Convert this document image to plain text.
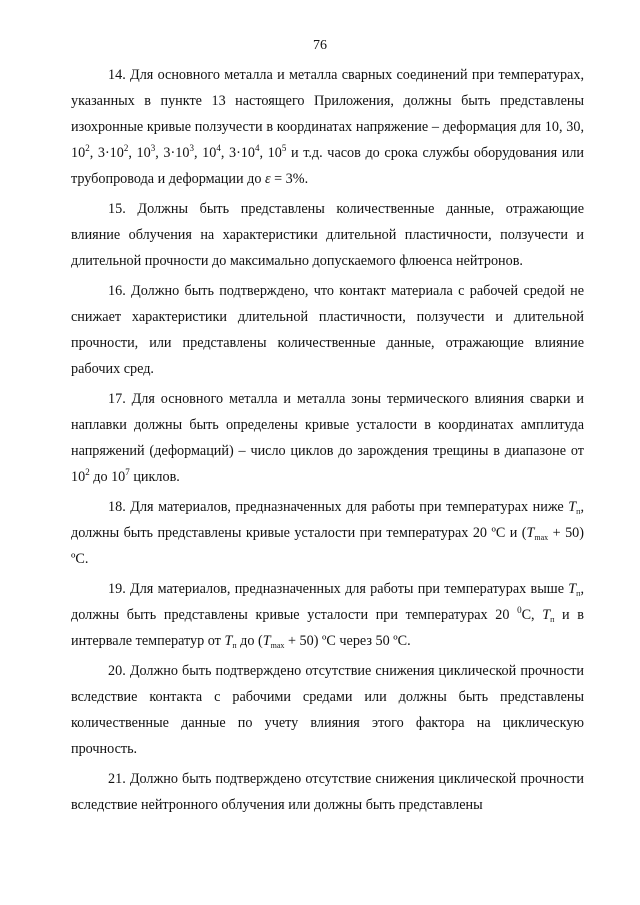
76

14. Для основного металла и металла сварных соединений при температурах, указанных в пункте 13 настоящего Приложения, должны быть представлены изохронные кривые ползучести в координатах напряжение – деформация для 10, 30, $10^2$, $3\cdot 10^2$, $10^3$, $3\cdot 10^3$, $10^4$, $3\cdot 10^4$, $10^5$ и т.д. часов до срока службы оборудования или трубопровода и деформации до ε = 3%.

15. Должны быть представлены количественные данные, отражающие влияние облучения на характеристики длительной пластичности, ползучести и длительной прочности до максимально допускаемого флюенса нейтронов.

16. Должно быть подтверждено, что контакт материала с рабочей средой не снижает характеристики длительной пластичности, ползучести и длительной прочности, или представлены количественные данные, отражающие влияние рабочих сред.

17. Для основного металла и металла зоны термического влияния сварки и наплавки должны быть определены кривые усталости в координатах амплитуда напряжений (деформаций) – число циклов до зарождения трещины в диапазоне от $10^2$ до $10^7$ циклов.

18. Для материалов, предназначенных для работы при температурах ниже $T_п$, должны быть представлены кривые усталости при температурах 20 ºС и $(T_{max} + 50)$ ºС.

19. Для материалов, предназначенных для работы при температурах выше $T_п$, должны быть представлены кривые усталости при температурах 20 $^0$С, $T_п$ и в интервале температур от $T_п$ до $(T_{max} + 50)$ ºС через 50 ºС.

20. Должно быть подтверждено отсутствие снижения циклической прочности вследствие контакта с рабочими средами или должны быть представлены количественные данные по учету влияния этого фактора на циклическую прочность.

21. Должно быть подтверждено отсутствие снижения циклической прочности вследствие нейтронного облучения или должны быть представлены
